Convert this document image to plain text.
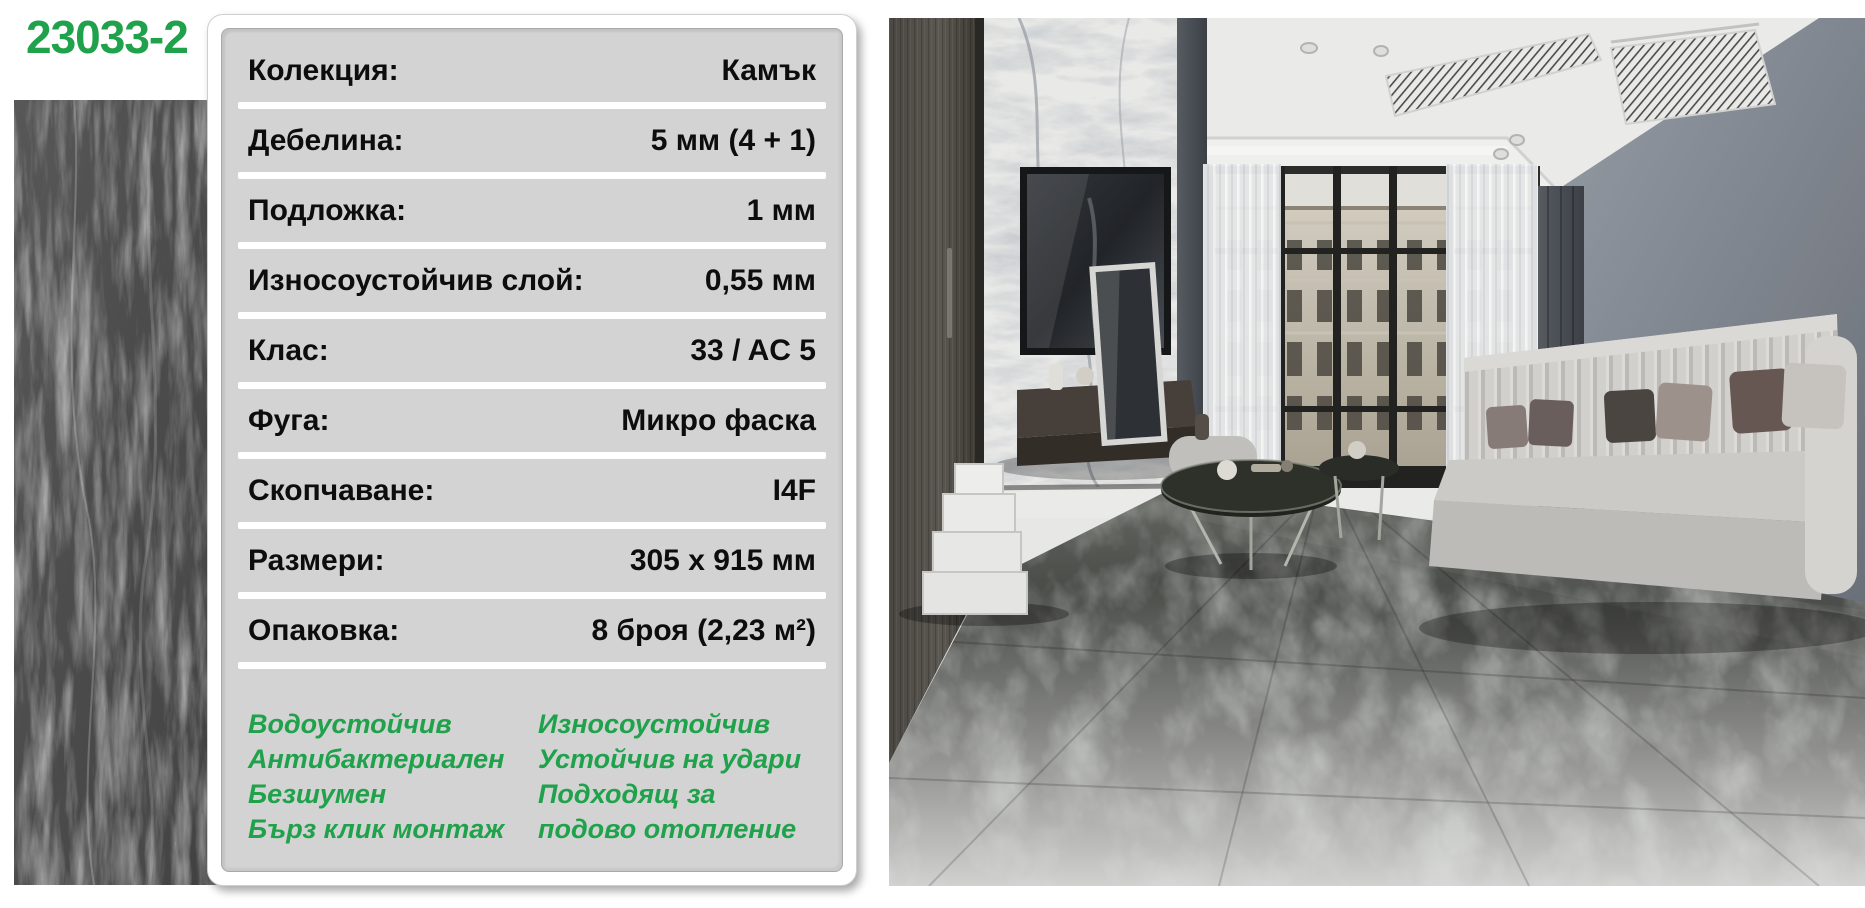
23033-2
Колекция:	Камък
Дебелина:	5 мм (4 + 1)
Подложка:	1 мм
Износоустойчив слой:	0,55 мм
Клас:	33 / AC 5
Фуга:	Микро фаска
Скопчаване:	I4F
Размери:	305 x 915 мм
Опаковка:	8 броя (2,23 м²)
Водоустойчив
Антибактериален
Безшумен
Бърз клик монтаж
Износоустойчив
Устойчив на удари
Подходящ за
подово отопление
